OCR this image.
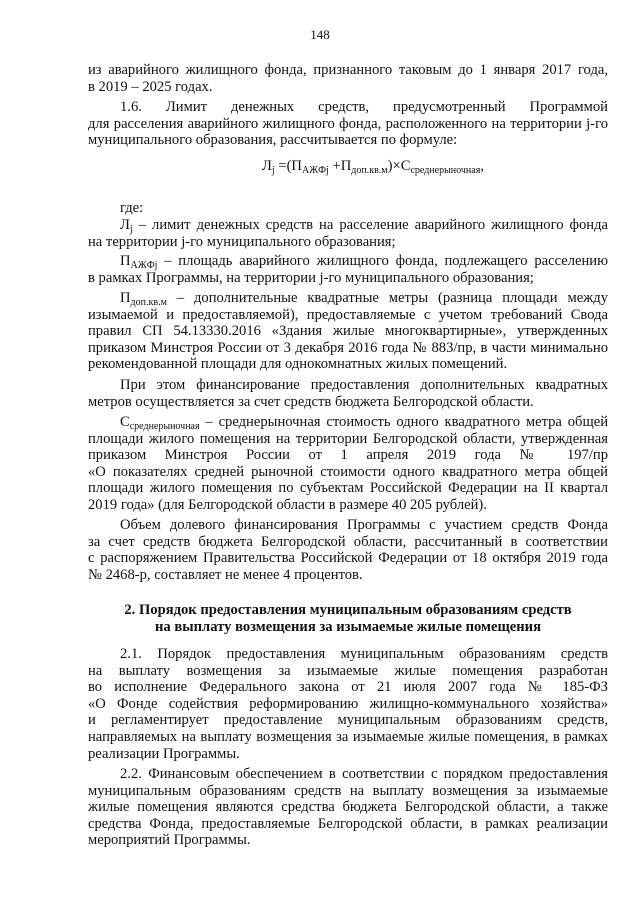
148
из аварийного жилищного фонда, признанного таковым до 1 января 2017 года,
в 2019 – 2025 годах.
1.6. Лимит денежных средств, предусмотренный Программой
для расселения аварийного жилищного фонда, расположенного на территории j-го
муниципального образования, рассчитывается по формуле:
$Л_j =(П_{АЖФj} +П_{доп.кв.м})\times С_{среднерыночная}$,
где:
$Л_j$ – лимит денежных средств на расселение аварийного жилищного фонда
на территории j-го муниципального образования;
$П_{АЖФj}$ – площадь аварийного жилищного фонда, подлежащего расселению
в рамках Программы, на территории j-го муниципального образования;
$П_{доп.кв.м}$ – дополнительные квадратные метры (разница площади между
изымаемой и предоставляемой), предоставляемые с учетом требований Свода
правил СП 54.13330.2016 «Здания жилые многоквартирные», утвержденных
приказом Минстроя России от 3 декабря 2016 года № 883/пр, в части минимально
рекомендованной площади для однокомнатных жилых помещений.
При этом финансирование предоставления дополнительных квадратных
метров осуществляется за счет средств бюджета Белгородской области.
$С_{среднерыночная}$ – среднерыночная стоимость одного квадратного метра общей
площади жилого помещения на территории Белгородской области, утвержденная
приказом Минстроя России от 1 апреля 2019 года № 197/пр
«О показателях средней рыночной стоимости одного квадратного метра общей
площади жилого помещения по субъектам Российской Федерации на II квартал
2019 года» (для Белгородской области в размере 40 205 рублей).
Объем долевого финансирования Программы с участием средств Фонда
за счет средств бюджета Белгородской области, рассчитанный в соответствии
с распоряжением Правительства Российской Федерации от 18 октября 2019 года
№ 2468-р, составляет не менее 4 процентов.
2. Порядок предоставления муниципальным образованиям средств
на выплату возмещения за изымаемые жилые помещения
2.1. Порядок предоставления муниципальным образованиям средств
на выплату возмещения за изымаемые жилые помещения разработан
во исполнение Федерального закона от 21 июля 2007 года № 185-ФЗ
«О Фонде содействия реформированию жилищно-коммунального хозяйства»
и регламентирует предоставление муниципальным образованиям средств,
направляемых на выплату возмещения за изымаемые жилые помещения, в рамках
реализации Программы.
2.2. Финансовым обеспечением в соответствии с порядком предоставления
муниципальным образованиям средств на выплату возмещения за изымаемые
жилые помещения являются средства бюджета Белгородской области, а также
средства Фонда, предоставляемые Белгородской области, в рамках реализации
мероприятий Программы.
